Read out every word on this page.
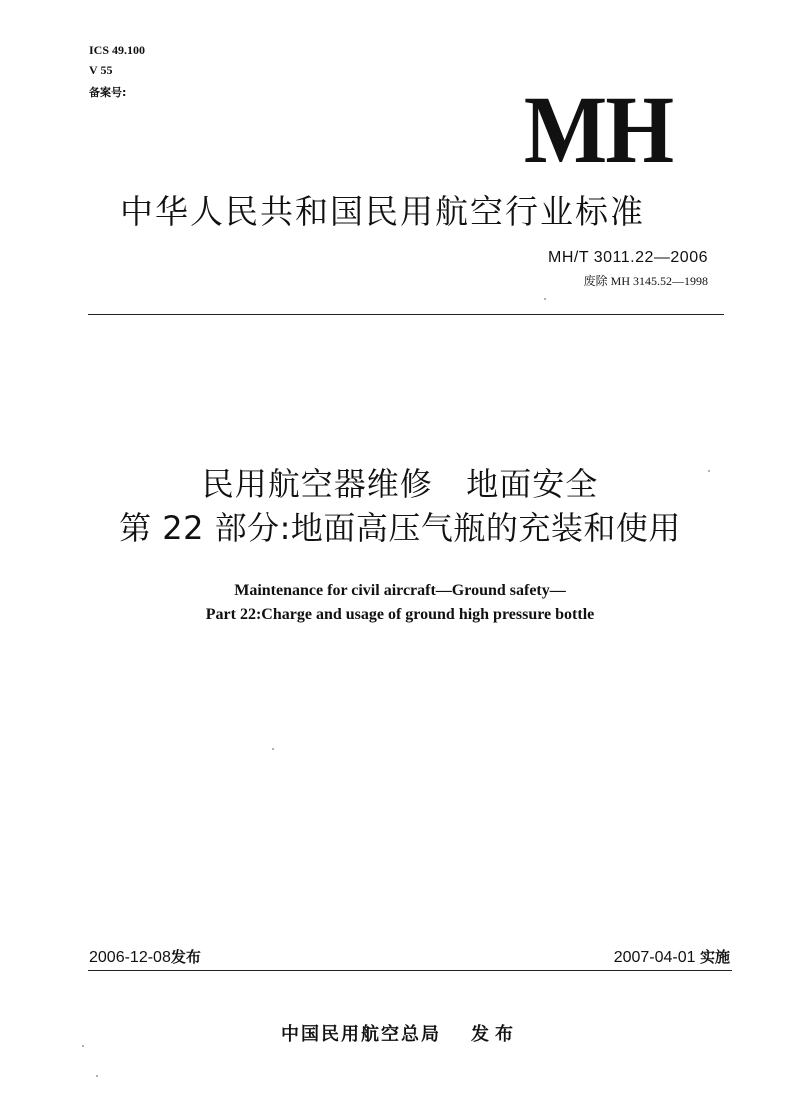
ICS 49.100
V 55
备案号:	MH
中华人民共和国民用航空行业标准
MH/T 3011.22—2006
废除 MH 3145.52—1998
民用航空器维修   地面安全
第 22 部分:地面高压气瓶的充装和使用
Maintenance for civil aircraft—Ground safety—
Part 22:Charge and usage of ground high pressure bottle
2006-12-08发布	2007-04-01 实施
中国民用航空总局 发布
